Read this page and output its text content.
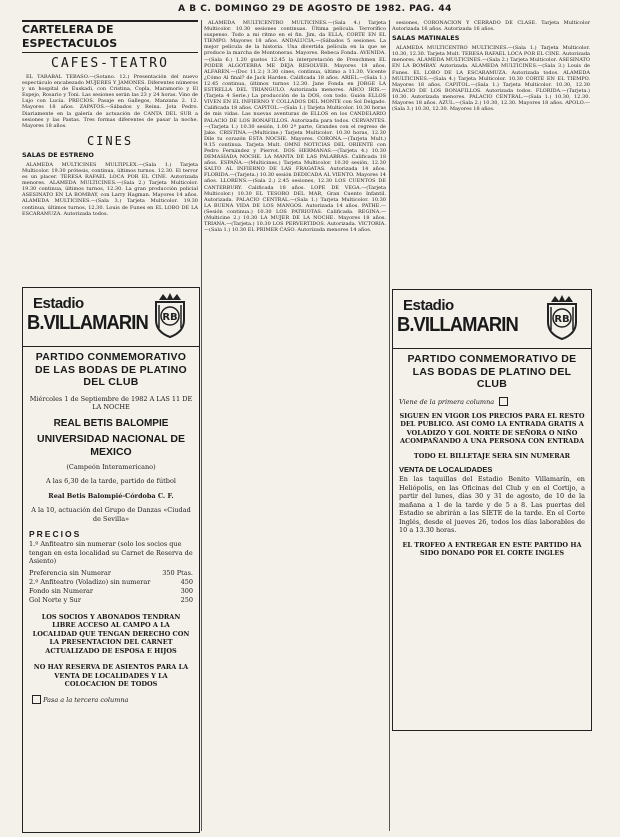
A B C. DOMINGO 29 DE AGOSTO DE 1982. PAG. 44
CARTELERA DE ESPECTACULOS
CAFES-TEATRO
EL TARABAL TEBASO.—(Sotano. 12.) Presentación del nuevo espectáculo encabezado MUJERES Y JAMONES. Diferentes números y un hospital de Euskadi, con Cristina, Copla, Maramorio y El Espejo, Rosario y Toni. Las sesiones serán las 23 y 24 horas. Vino de Lujo con Lucía. PRECIOS. Pasaje en Gallegos, Manzana 2. 12. Mayores 18 años. ZAPATOS.—Sábados y Reina. Jota Pedro. Diariamente en la galería de actuación de CANTA DEL SUR a sesiones y las Pastas. Tres formas diferentes de pasar la noche. Mayores 18 años.
CINES
SALAS DE ESTRENO
ALAMEDA MULTICINES MULTIPLEX.—(Sala 1.) Tarjeta Multicolor. 19.30 prótesis, continua, últimos turnos. 12.30. El terror es un placer. TERESA RAFAEL LOCA POR EL CINE. Autorizada menores. ALAMEDA MULTICINES.—(Sala 2.) Tarjeta Multicolor. 19.30 continua, últimos turnos, 12.30. La gran producción policial ASESINATO EN LA BOMBAY, con Larry Hagman. Mayores 14 años. ALAMEDA MULTICINES.—(Sala 3.) Tarjeta Multicolor. 19.30 continua, últimos turnos, 12.30. Louis de Funes en EL LOBO DE LA ESCARAMUZA. Autorizada todos.
ALAMEDA MULTICENTRO MULTICINES.—(Sala 4.) Tarjeta Multicolor. 10.30 sesiones continuas. Última película. Terrorífico suspenso. Todo a mi ritmo en el fin. Jim, da ELLA, CORTE EN EL TIEMPO. Mayores 18 años. ANDALUCIA.—(Sábados 5 sesiones. La mejor película de la historia. Una divertida película en la que se produce la marcha de Montoneras. Mayores. Rebeca Fonda. AVENIDA.—(Sala 6.) 1.20 gustos 12.45 la interpretación de Frenchmen EL PODER ALGOTERRA ME DEJA RESOLVER. Mayores 18 años. ALFAREN.—(Doc 11.2.) 3.30 cines, continua, último a 11.30. Vicente ¿Cómo Al final? de Jack Harden. Calificada 18 años. ARIEL.—(Sala 1.) 12.45 continua, últimos turnos 12.30. Jane Fonda en JORGE LA ESTRELLA DEL TRIANGULO. Autorizada menores. ARCO IRIS.—(Tarjeta 4 Serie.) La producción de la DOS, con todo. Guión ELLOS VIVEN EN EL INFIERNO Y COLLADOS DEL MONTE con Sol Delgado. Calificada 18 años. CAPITOL.—(Sala 1.) Tarjeta Multicolor. 10.30 horas de mis vidas. Las nuevas aventuras de ELLOS en los CANDELARIO PALACIO DE LOS BONAFILLOS. Autorizada para todos. CERVANTES.—(Tarjeta 1.) 10.30 sesión, 1.00 2ª parte, Grandes con el regreso de Jake. CRISTINA.—(Multicine.) Tarjeta Multicolor. 10.30 horas, 12.30 Dile tu corazón ESTA NOCHE. Mayores. CORONA.—(Tarjeta Mult.) 9.15 continua. Tarjeta Mult. OMNI NOTICIAS DEL ORIENTE con Pedro Fernández y Pierrot. DOS HERMANAS.—(Tarjeta 4.) 10.30 DEMASIADA NOCHE. LA MANTA DE LAS PALABRAS. Calificada 18 años. ESPAÑA.—(Multicines.) Tarjeta Multicolor. 10.30 sesión, 12.30 SALTO AL INFIERNO DE LAS FRAGATAS. Autorizada 14 años. FLORIDA.—(Tarjeta.) 10.30 sesión DEDICADA AL VIENTO. Mayores 14 años. LLORENS.—(Sala 2.) 2.45 sesiones, 12.30 LOS CUENTOS DE CANTERBURY. Calificada 18 años. LOPE DE VEGA.—(Tarjeta Multicolor.) 10.30 EL TESORO DEL MAR, Gran Cuento Infantil. Autorizada. PALACIO CENTRAL.—(Sala 1.) Tarjeta Multicolor. 10.30 LA BUENA VIDA DE LOS MANGOS. Autorizada 14 años. PATHE.—(Sesión continua.) 10.30 LOS PATRIOTAS. Calificada. REGINA.—(Multicine 2.) 10.30 LA MUJER DE LA NOCHE. Mayores 18 años. TRIANA.—(Tarjeta.) 10.30 LOS PERVERTIDOS. Autorizada. VICTORIA.—(Sala 1.) 10.30 EL PRIMER CASO. Autorizada menores 14 años.
sesiones, CORONACION Y CERRADO DE CLASE. Tarjeta Multicolor Autorizada 16 años. Autorizada 16 años.
SALAS MATINALES
ALAMEDA MULTICENTRO MULTICINES.—(Sala 1.) Tarjeta Multicolor. 10.30, 12.30. Tarjeta Mult. TERESA RAFAEL LOCA POR EL CINE. Autorizada menores. ALAMEDA MULTICINES.—(Sala 2.) Tarjeta Multicolor. ASESINATO EN LA BOMBAY. Autorizada. ALAMEDA MULTICINES.—(Sala 3.) Louis de Funes. EL LOBO DE LA ESCARAMUZA. Autorizada todos. ALAMEDA MULTICINES.—(Sala 4.) Tarjeta Multicolor. 10.30 CORTE EN EL TIEMPO. Mayores 18 años. CAPITOL.—(Sala 1.) Tarjeta Multicolor. 10.30, 12.30 PALACIO DE LOS BONAFILLOS. Autorizada todos. FLORIDA.—(Tarjeta.) 10.30. Autorizada menores. PALACIO CENTRAL.—(Sala 1.) 10.30, 12.30. Mayores 18 años. AZUL.—(Sala 2.) 10.30, 12.30. Mayores 18 años. APOLO.—(Sala 3.) 10.30, 12.30. Mayores 18 años.
Estadio
B.VILLAMARIN RB
PARTIDO CONMEMORATIVO DE LAS BODAS DE PLATINO DEL CLUB
Miércoles 1 de Septiembre de 1982 A LAS 11 DE LA NOCHE
REAL BETIS BALOMPIE
UNIVERSIDAD NACIONAL DE MEXICO
(Campeón Interamericano)
A las 6,30 de la tarde, partido de fútbol
Real Betis Balompié-Córdoba C. F.
A la 10, actuación del Grupo de Danzas «Ciudad de Sevilla»
PRECIOS
1.º Anfiteatro sin numerar (solo los socios que tengan en esta localidad su Carnet de Reserva de Asiento)
Preferencia sin Numerar	350 Ptas.
2.º Anfiteatro (Voladizo) sin numerar	450
Fondo sin Numerar	300
Gol Norte y Sur	250
LOS SOCIOS Y ABONADOS TENDRAN LIBRE ACCESO AL CAMPO A LA LOCALIDAD QUE TENGAN DERECHO CON LA PRESENTACION DEL CARNET ACTUALIZADO DE ESPOSA E HIJOS
NO HAY RESERVA DE ASIENTOS PARA LA VENTA DE LOCALIDADES Y LA COLOCACION DE TODOS
Pasa a la tercera columna
Estadio
B.VILLAMARIN	RB
PARTIDO CONMEMORATIVO DE LAS BODAS DE PLATINO DEL CLUB
Viene de la primera columna
SIGUEN EN VIGOR LOS PRECIOS PARA EL RESTO DEL PUBLICO. ASI COMO LA ENTRADA GRATIS A VOLADIZO Y GOL NORTE DE SEÑORA O NIÑO ACOMPAÑANDO A UNA PERSONA CON ENTRADA
TODO EL BILLETAJE SERA SIN NUMERAR
VENTA DE LOCALIDADES
En las taquillas del Estadio Benito Villamarín, en Heliópolis, en las Oficinas del Club y en el Cortijo, a partir del lunes, días 30 y 31 de agosto, de 10 de la mañana a 1 de la tarde y de 5 a 8. Las puertas del Estadio se abrirán a las SIETE de la tarde. En el Corte Inglés, desde el jueves 26, todos los días laborables de 10 a 13.30 horas.
EL TROFEO A ENTREGAR EN ESTE PARTIDO HA SIDO DONADO POR EL CORTE INGLES
